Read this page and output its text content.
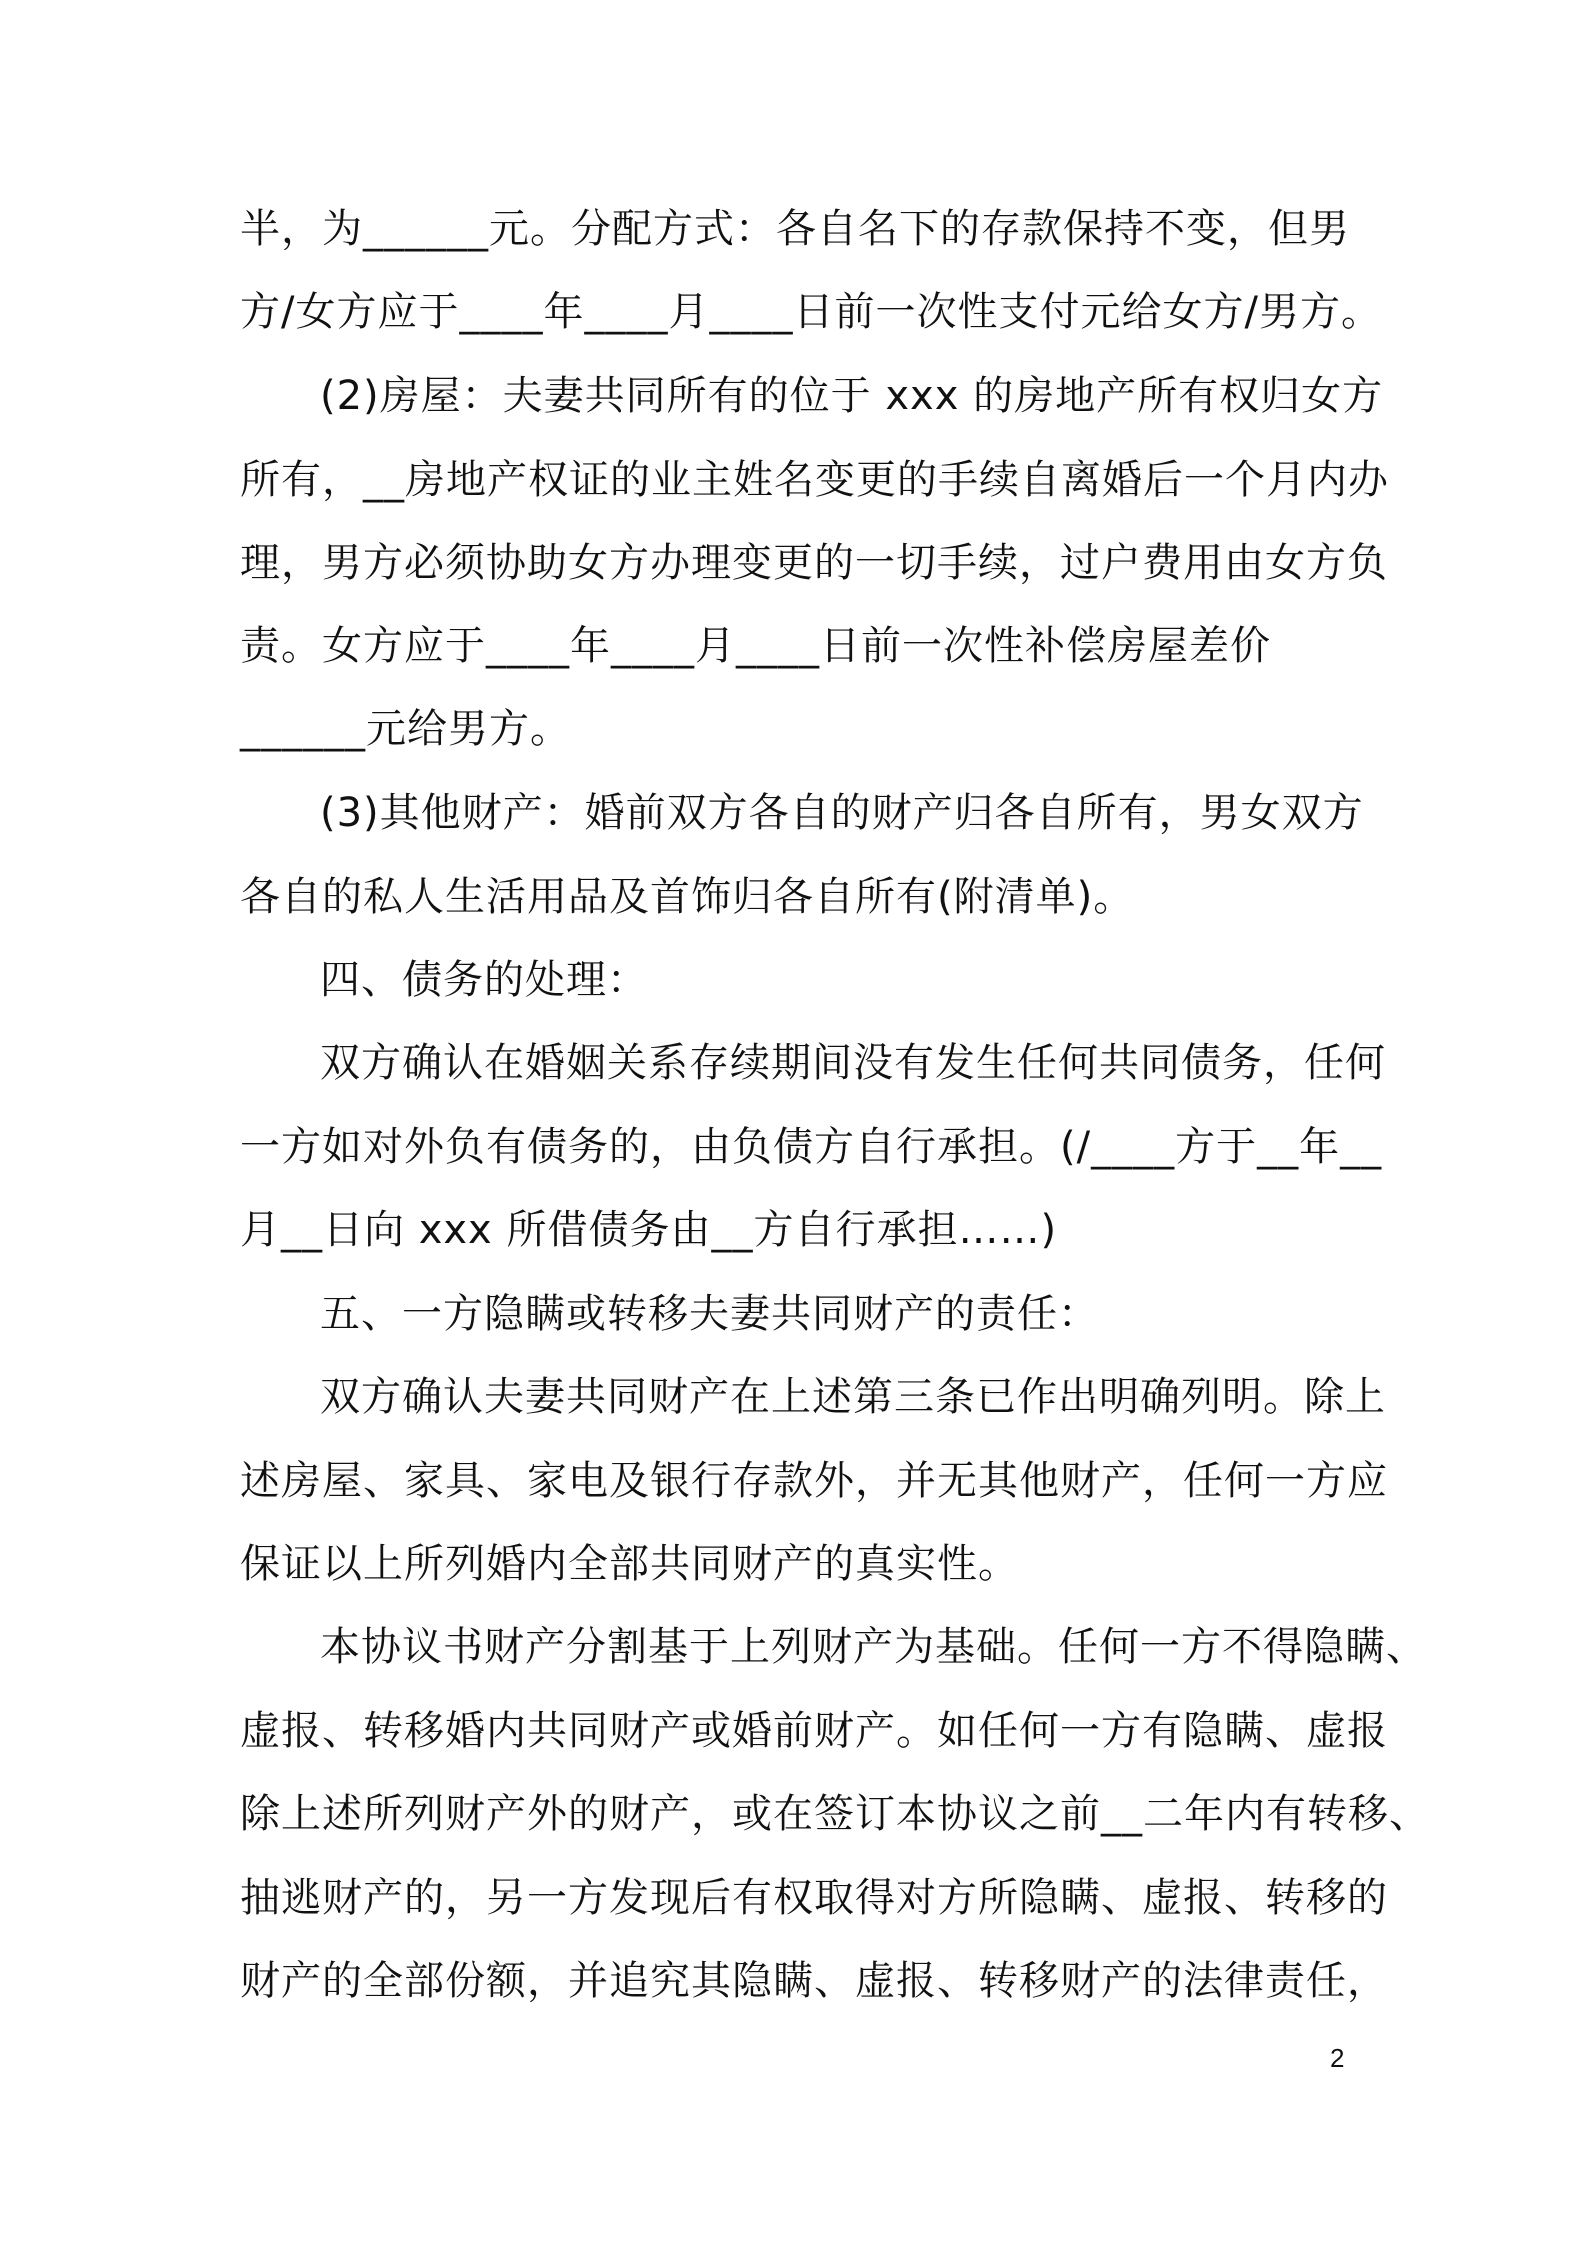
半，为______元。分配方式：各自名下的存款保持不变，但男
方/女方应于____年____月____日前一次性支付元给女方/男方。
(2)房屋：夫妻共同所有的位于 xxx 的房地产所有权归女方
所有，__房地产权证的业主姓名变更的手续自离婚后一个月内办
理，男方必须协助女方办理变更的一切手续，过户费用由女方负
责。女方应于____年____月____日前一次性补偿房屋差价
______元给男方。
(3)其他财产：婚前双方各自的财产归各自所有，男女双方
各自的私人生活用品及首饰归各自所有(附清单)。
四、债务的处理：
双方确认在婚姻关系存续期间没有发生任何共同债务，任何
一方如对外负有债务的，由负债方自行承担。(/____方于__年__
月__日向 xxx 所借债务由__方自行承担……)
五、一方隐瞒或转移夫妻共同财产的责任：
双方确认夫妻共同财产在上述第三条已作出明确列明。除上
述房屋、家具、家电及银行存款外，并无其他财产，任何一方应
保证以上所列婚内全部共同财产的真实性。
本协议书财产分割基于上列财产为基础。任何一方不得隐瞒、
虚报、转移婚内共同财产或婚前财产。如任何一方有隐瞒、虚报
除上述所列财产外的财产，或在签订本协议之前__二年内有转移、
抽逃财产的，另一方发现后有权取得对方所隐瞒、虚报、转移的
财产的全部份额，并追究其隐瞒、虚报、转移财产的法律责任，
2
